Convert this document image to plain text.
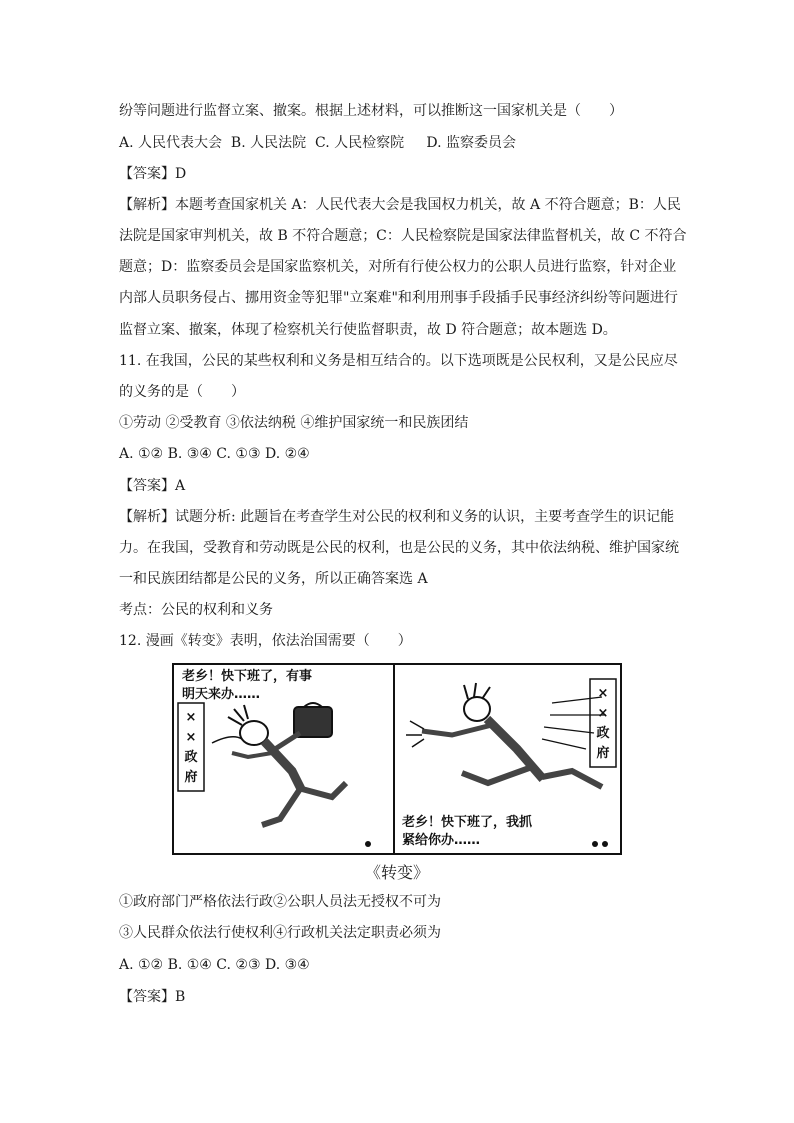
纷等问题进行监督立案、撤案。根据上述材料，可以推断这一国家机关是（　　）
A. 人民代表大会 B. 人民法院 C. 人民检察院 D. 监察委员会
【答案】D
【解析】本题考查国家机关 A：人民代表大会是我国权力机关，故 A 不符合题意；B：人民
法院是国家审判机关，故 B 不符合题意；C：人民检察院是国家法律监督机关，故 C 不符合
题意；D：监察委员会是国家监察机关，对所有行使公权力的公职人员进行监察，针对企业
内部人员职务侵占、挪用资金等犯罪"立案难"和利用刑事手段插手民事经济纠纷等问题进行
监督立案、撤案，体现了检察机关行使监督职责，故 D 符合题意；故本题选 D。
11. 在我国，公民的某些权利和义务是相互结合的。以下选项既是公民权利，又是公民应尽
的义务的是（　　）
①劳动 ②受教育 ③依法纳税 ④维护国家统一和民族团结
A. ①② B. ③④ C. ①③ D. ②④
【答案】A
【解析】试题分析: 此题旨在考查学生对公民的权利和义务的认识，主要考查学生的识记能
力。在我国，受教育和劳动既是公民的权利，也是公民的义务，其中依法纳税、维护国家统
一和民族团结都是公民的义务，所以正确答案选 A
考点：公民的权利和义务
12. 漫画《转变》表明，依法治国需要（　　）
老乡！快下班了，有事
明天来办……
×
×
政
府
×
×
政
府
老乡！快下班了，我抓
紧给你办……
《转变》
①政府部门严格依法行政②公职人员法无授权不可为
③人民群众依法行使权利④行政机关法定职责必须为
A. ①② B. ①④ C. ②③ D. ③④
【答案】B
